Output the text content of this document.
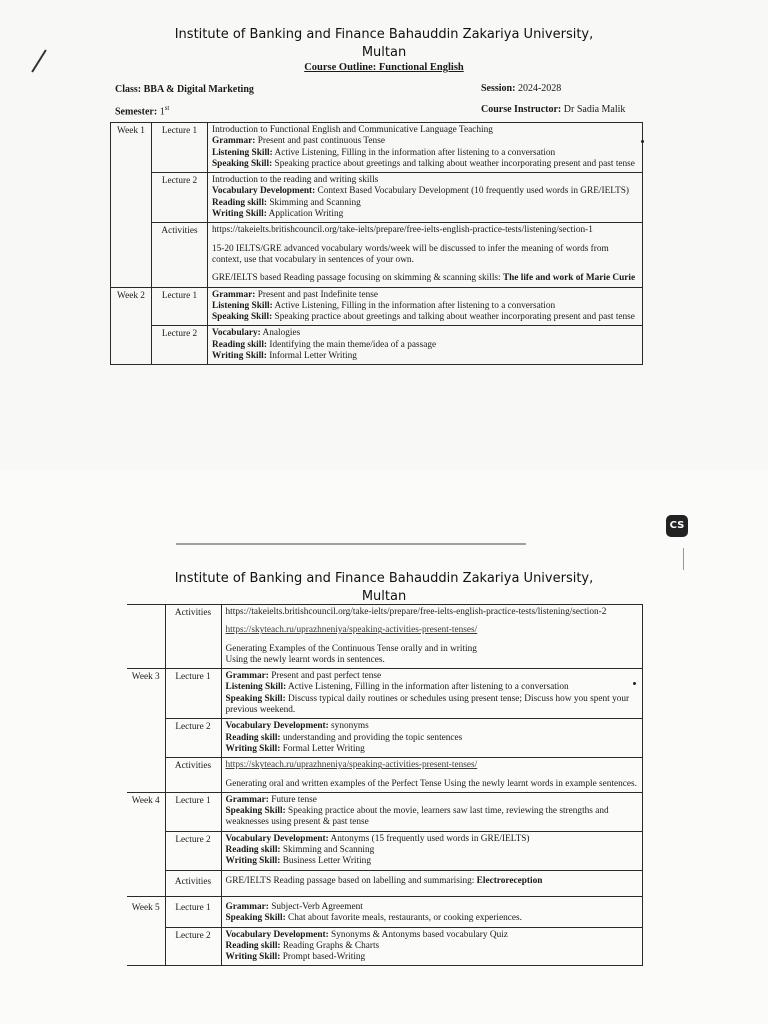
Institute of Banking and Finance Bahauddin Zakariya University,
Multan
Course Outline: Functional English
Class: BBA & Digital Marketing	Session: 2024-2028
Semester: 1st	Course Instructor: Dr Sadia Malik
Week 1	Lecture 1	Introduction to Functional English and Communicative Language Teaching

Grammar: Present and past continuous Tense

Listening Skill: Active Listening, Filling in the information after listening to a conversation

Speaking Skill: Speaking practice about greetings and talking about weather incorporating present and past tense

	Lecture 2	Introduction to the reading and writing skills

Vocabulary Development: Context Based Vocabulary Development (10 frequently used words in GRE/IELTS)

Reading skill: Skimming and Scanning

Writing Skill: Application Writing

	Activities	https://takeielts.britishcouncil.org/take-ielts/prepare/free-ielts-english-practice-tests/listening/section-1

15-20 IELTS/GRE advanced vocabulary words/week will be discussed to infer the meaning of words from context, use that vocabulary in sentences of your own.

GRE/IELTS based Reading passage focusing on skimming & scanning skills: The life and work of Marie Curie

Week 2	Lecture 1	Grammar: Present and past Indefinite tense

Listening Skill: Active Listening, Filling in the information after listening to a conversation

Speaking Skill: Speaking practice about greetings and talking about weather incorporating present and past tense

	Lecture 2	Vocabulary: Analogies

Reading skill: Identifying the main theme/idea of a passage

Writing Skill: Informal Letter Writing

Institute of Banking and Finance Bahauddin Zakariya University,
Multan
	Activities	https://takeielts.britishcouncil.org/take-ielts/prepare/free-ielts-english-practice-tests/listening/section-2

https://skyteach.ru/uprazhneniya/speaking-activities-present-tenses/

Generating Examples of the Continuous Tense orally and in writing

Using the newly learnt words in sentences.

Week 3	Lecture 1	Grammar: Present and past perfect tense

Listening Skill: Active Listening, Filling in the information after listening to a conversation

Speaking Skill: Discuss typical daily routines or schedules using present tense; Discuss how you spent your previous weekend.

	Lecture 2	Vocabulary Development: synonyms

Reading skill: understanding and providing the topic sentences

Writing Skill: Formal Letter Writing

	Activities	https://skyteach.ru/uprazhneniya/speaking-activities-present-tenses/

Generating oral and written examples of the Perfect Tense Using the newly learnt words in example sentences.

Week 4	Lecture 1	Grammar: Future tense

Speaking Skill: Speaking practice about the movie, learners saw last time, reviewing the strengths and weaknesses using present & past tense

	Lecture 2	Vocabulary Development: Antonyms (15 frequently used words in GRE/IELTS)

Reading skill: Skimming and Scanning

Writing Skill: Business Letter Writing

	Activities	GRE/IELTS Reading passage based on labelling and summarising: Electroreception

Week 5	Lecture 1	Grammar: Subject-Verb Agreement

Speaking Skill: Chat about favorite meals, restaurants, or cooking experiences.

	Lecture 2	Vocabulary Development: Synonyms & Antonyms based vocabulary Quiz

Reading skill: Reading Graphs & Charts

Writing Skill: Prompt based-Writing

CS
